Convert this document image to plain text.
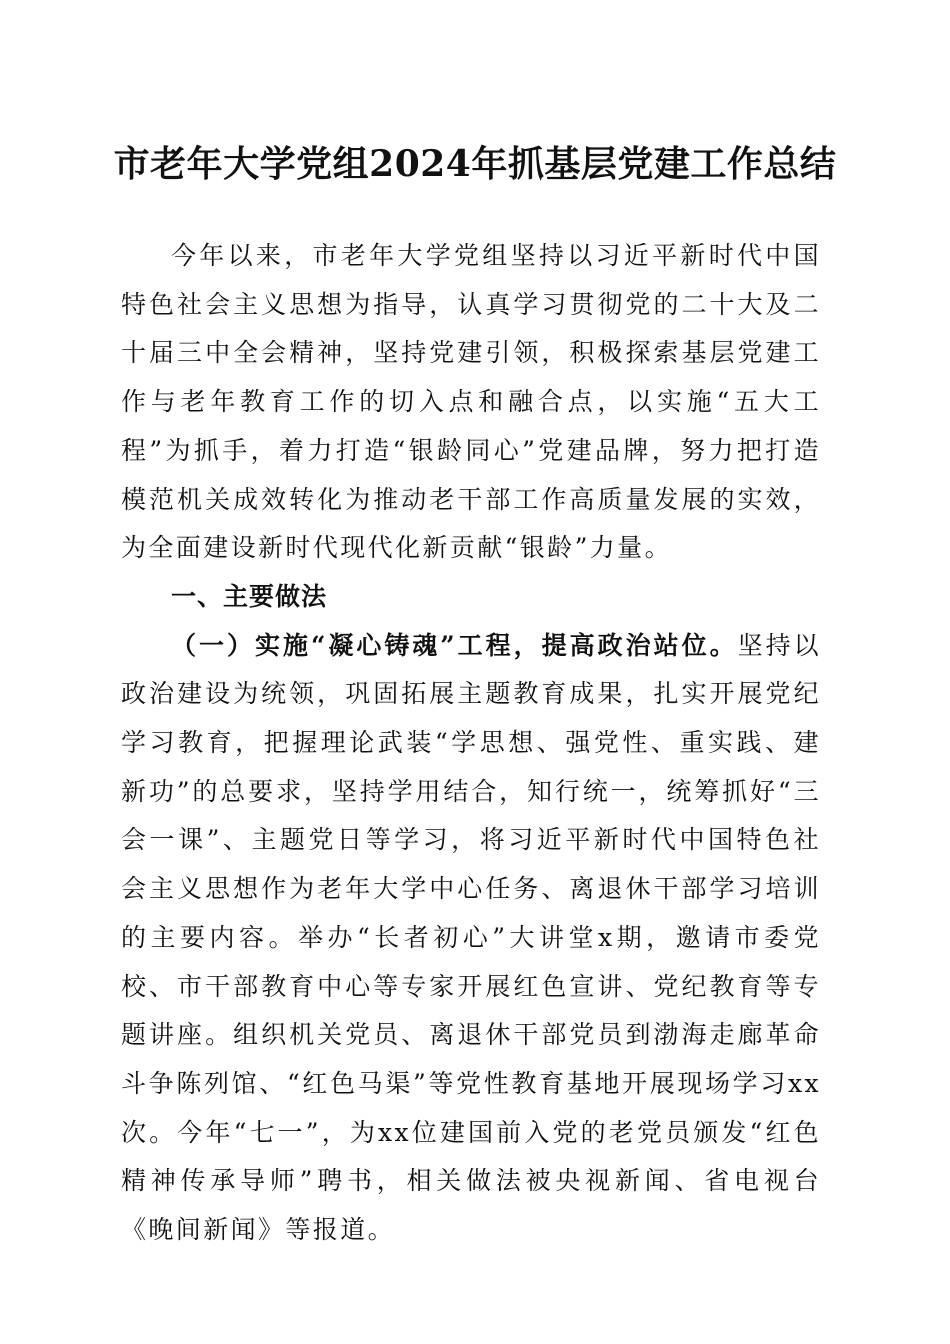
市老年大学党组2024年抓基层党建工作总结

今年以来，市老年大学党组坚持以习近平新时代中国特色社会主义思想为指导，认真学习贯彻党的二十大及二十届三中全会精神，坚持党建引领，积极探索基层党建工作与老年教育工作的切入点和融合点，以实施“五大工程”为抓手，着力打造“银龄同心”党建品牌，努力把打造模范机关成效转化为推动老干部工作高质量发展的实效，为全面建设新时代现代化新贡献“银龄”力量。

一、主要做法

（一）实施“凝心铸魂”工程，提高政治站位。坚持以政治建设为统领，巩固拓展主题教育成果，扎实开展党纪学习教育，把握理论武装“学思想、强党性、重实践、建新功”的总要求，坚持学用结合，知行统一，统筹抓好“三会一课”、主题党日等学习，将习近平新时代中国特色社会主义思想作为老年大学中心任务、离退休干部学习培训的主要内容。举办“长者初心”大讲堂x期，邀请市委党校、市干部教育中心等专家开展红色宣讲、党纪教育等专题讲座。组织机关党员、离退休干部党员到渤海走廊革命斗争陈列馆、“红色马渠”等党性教育基地开展现场学习xx次。今年“七一”，为xx位建国前入党的老党员颁发“红色精神传承导师”聘书，相关做法被央视新闻、省电视台《晚间新闻》等报道。
